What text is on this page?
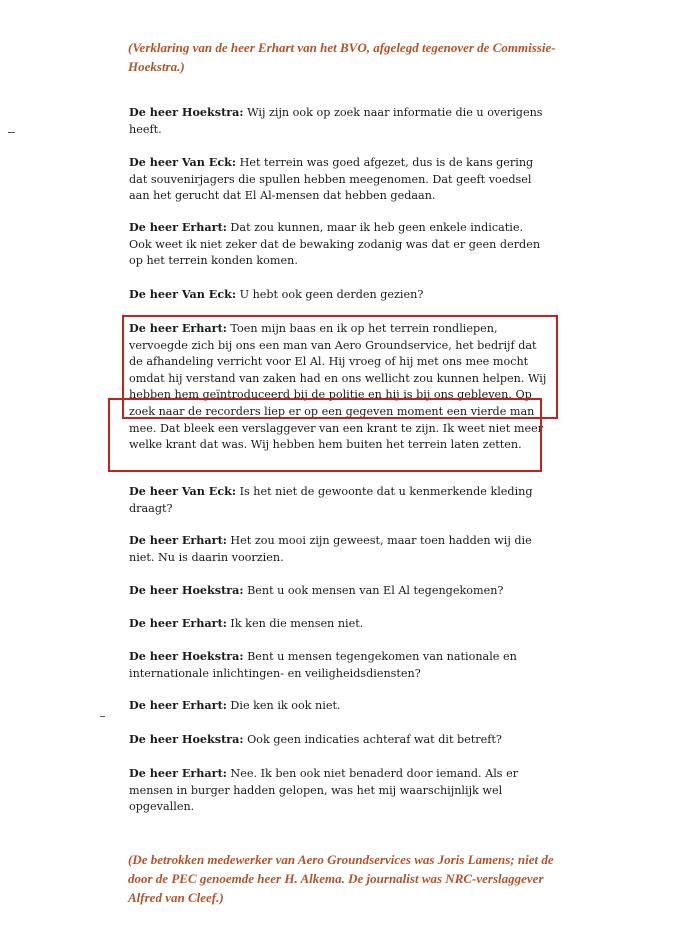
(Verklaring van de heer Erhart van het BVO, afgelegd tegenover de Commissie-Hoekstra.)
De heer Hoekstra: Wij zijn ook op zoek naar informatie die u overigens heeft.
De heer Van Eck: Het terrein was goed afgezet, dus is de kans gering dat souvenirjagers die spullen hebben meegenomen. Dat geeft voedsel aan het gerucht dat El Al-mensen dat hebben gedaan.
De heer Erhart: Dat zou kunnen, maar ik heb geen enkele indicatie. Ook weet ik niet zeker dat de bewaking zodanig was dat er geen derden op het terrein konden komen.
De heer Van Eck: U hebt ook geen derden gezien?
De heer Erhart: Toen mijn baas en ik op het terrein rondliepen, vervoegde zich bij ons een man van Aero Groundservice, het bedrijf dat de afhandeling verricht voor El Al. Hij vroeg of hij met ons mee mocht omdat hij verstand van zaken had en ons wellicht zou kunnen helpen. Wij hebben hem geïntroduceerd bij de politie en hij is bij ons gebleven. Op zoek naar de recorders liep er op een gegeven moment een vierde man mee. Dat bleek een verslaggever van een krant te zijn. Ik weet niet meer welke krant dat was. Wij hebben hem buiten het terrein laten zetten.
De heer Van Eck: Is het niet de gewoonte dat u kenmerkende kleding draagt?
De heer Erhart: Het zou mooi zijn geweest, maar toen hadden wij die niet. Nu is daarin voorzien.
De heer Hoekstra: Bent u ook mensen van El Al tegengekomen?
De heer Erhart: Ik ken die mensen niet.
De heer Hoekstra: Bent u mensen tegengekomen van nationale en internationale inlichtingen- en veiligheidsdiensten?
De heer Erhart: Die ken ik ook niet.
De heer Hoekstra: Ook geen indicaties achteraf wat dit betreft?
De heer Erhart: Nee. Ik ben ook niet benaderd door iemand. Als er mensen in burger hadden gelopen, was het mij waarschijnlijk wel opgevallen.
(De betrokken medewerker van Aero Groundservices was Joris Lamens; niet de door de PEC genoemde heer H. Alkema. De journalist was NRC-verslaggever Alfred van Cleef.)
